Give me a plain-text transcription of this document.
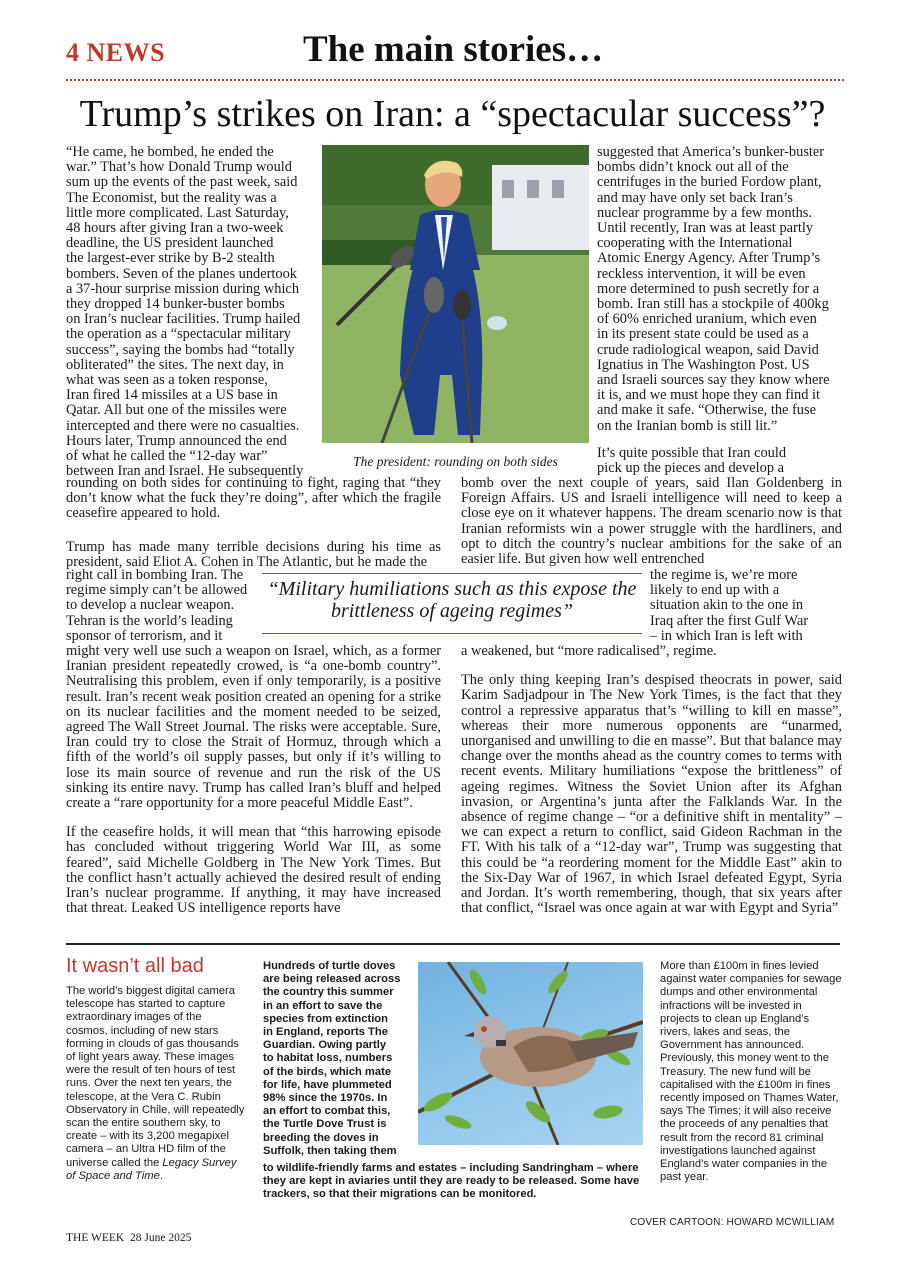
4 NEWS	The main stories…
Trump’s strikes on Iran: a “spectacular success”?
“He came, he bombed, he ended the
war.” That’s how Donald Trump would
sum up the events of the past week, said
The Economist, but the reality was a
little more complicated. Last Saturday,
48 hours after giving Iran a two-week
deadline, the US president launched
the largest-ever strike by B-2 stealth
bombers. Seven of the planes undertook
a 37-hour surprise mission during which
they dropped 14 bunker-buster bombs
on Iran’s nuclear facilities. Trump hailed
the operation as a “spectacular military
success”, saying the bombs had “totally
obliterated” the sites. The next day, in
what was seen as a token response,
Iran fired 14 missiles at a US base in
Qatar. All but one of the missiles were
intercepted and there were no casualties.
Hours later, Trump announced the end
of what he called the “12-day war”
between Iran and Israel. He subsequently
The president: rounding on both sides
suggested that America’s bunker-buster
bombs didn’t knock out all of the
centrifuges in the buried Fordow plant,
and may have only set back Iran’s
nuclear programme by a few months.
Until recently, Iran was at least partly
cooperating with the International
Atomic Energy Agency. After Trump’s
reckless intervention, it will be even
more determined to push secretly for a
bomb. Iran still has a stockpile of 400kg
of 60% enriched uranium, which even
in its present state could be used as a
crude radiological weapon, said David
Ignatius in The Washington Post. US
and Israeli sources say they know where
it is, and we must hope they can find it
and make it safe. “Otherwise, the fuse
on the Iranian bomb is still lit.”
It’s quite possible that Iran could
pick up the pieces and develop a

rounding on both sides for continuing to fight, raging that “they don’t know what the fuck they’re doing”, after which the fragile ceasefire appeared to hold.

Trump has made many terrible decisions during his time as president, said Eliot A. Cohen in The Atlantic, but he made the

right call in bombing Iran. The
regime simply can’t be allowed
to develop a nuclear weapon.
Tehran is the world’s leading
sponsor of terrorism, and it

might very well use such a weapon on Israel, which, as a former Iranian president repeatedly crowed, is “a one-bomb country”. Neutralising this problem, even if only temporarily, is a positive result. Iran’s recent weak position created an opening for a strike on its nuclear facilities and the moment needed to be seized, agreed The Wall Street Journal. The risks were acceptable. Sure, Iran could try to close the Strait of Hormuz, through which a fifth of the world’s oil supply passes, but only if it’s willing to lose its main source of revenue and run the risk of the US sinking its entire navy. Trump has called Iran’s bluff and helped create a “rare opportunity for a more peaceful Middle East”.

If the ceasefire holds, it will mean that “this harrowing episode has concluded without triggering World War III, as some feared”, said Michelle Goldberg in The New York Times. But the conflict hasn’t actually achieved the desired result of ending Iran’s nuclear programme. If anything, it may have increased that threat. Leaked US intelligence reports have

bomb over the next couple of years, said Ilan Goldenberg in Foreign Affairs. US and Israeli intelligence will need to keep a close eye on it whatever happens. The dream scenario now is that Iranian reformists win a power struggle with the hardliners, and opt to ditch the country’s nuclear ambitions for the sake of an easier life. But given how well entrenched

the regime is, we’re more
likely to end up with a
situation akin to the one in
Iraq after the first Gulf War
– in which Iran is left with

a weakened, but “more radicalised”, regime.

The only thing keeping Iran’s despised theocrats in power, said Karim Sadjadpour in The New York Times, is the fact that they control a repressive apparatus that’s “willing to kill en masse”, whereas their more numerous opponents are “unarmed, unorganised and unwilling to die en masse”. But that balance may change over the months ahead as the country comes to terms with recent events. Military humiliations “expose the brittleness” of ageing regimes. Witness the Soviet Union after its Afghan invasion, or Argentina’s junta after the Falklands War. In the absence of regime change – “or a definitive shift in mentality” – we can expect a return to conflict, said Gideon Rachman in the FT. With his talk of a “12-day war”, Trump was suggesting that this could be “a reordering moment for the Middle East” akin to the Six-Day War of 1967, in which Israel defeated Egypt, Syria and Jordan. It’s worth remembering, though, that six years after that conflict, “Israel was once again at war with Egypt and Syria”

“Military humiliations such as this expose the brittleness of ageing regimes”
It wasn’t all bad
The world’s biggest digital camera telescope has started to capture extraordinary images of the cosmos, including of new stars forming in clouds of gas thousands of light years away. These images were the result of ten hours of test runs. Over the next ten years, the telescope, at the Vera C. Rubin Observatory in Chile, will repeatedly scan the entire southern sky, to create – with its 3,200 megapixel camera – an Ultra HD film of the universe called the Legacy Survey of Space and Time.
Hundreds of turtle doves
are being released across
the country this summer
in an effort to save the
species from extinction
in England, reports The
Guardian. Owing partly
to habitat loss, numbers
of the birds, which mate
for life, have plummeted
98% since the 1970s. In
an effort to combat this,
the Turtle Dove Trust is
breeding the doves in
Suffolk, then taking them
to wildlife-friendly farms and estates – including Sandringham – where they are kept in aviaries until they are ready to be released. Some have trackers, so that their migrations can be monitored.
More than £100m in fines levied against water companies for sewage dumps and other environmental infractions will be invested in projects to clean up England’s rivers, lakes and seas, the Government has announced. Previously, this money went to the Treasury. The new fund will be capitalised with the £100m in fines recently imposed on Thames Water, says The Times; it will also receive the proceeds of any penalties that result from the record 81 criminal investigations launched against England’s water companies in the past year.
COVER CARTOON: HOWARD MCWILLIAM
THE WEEK 28 June 2025
